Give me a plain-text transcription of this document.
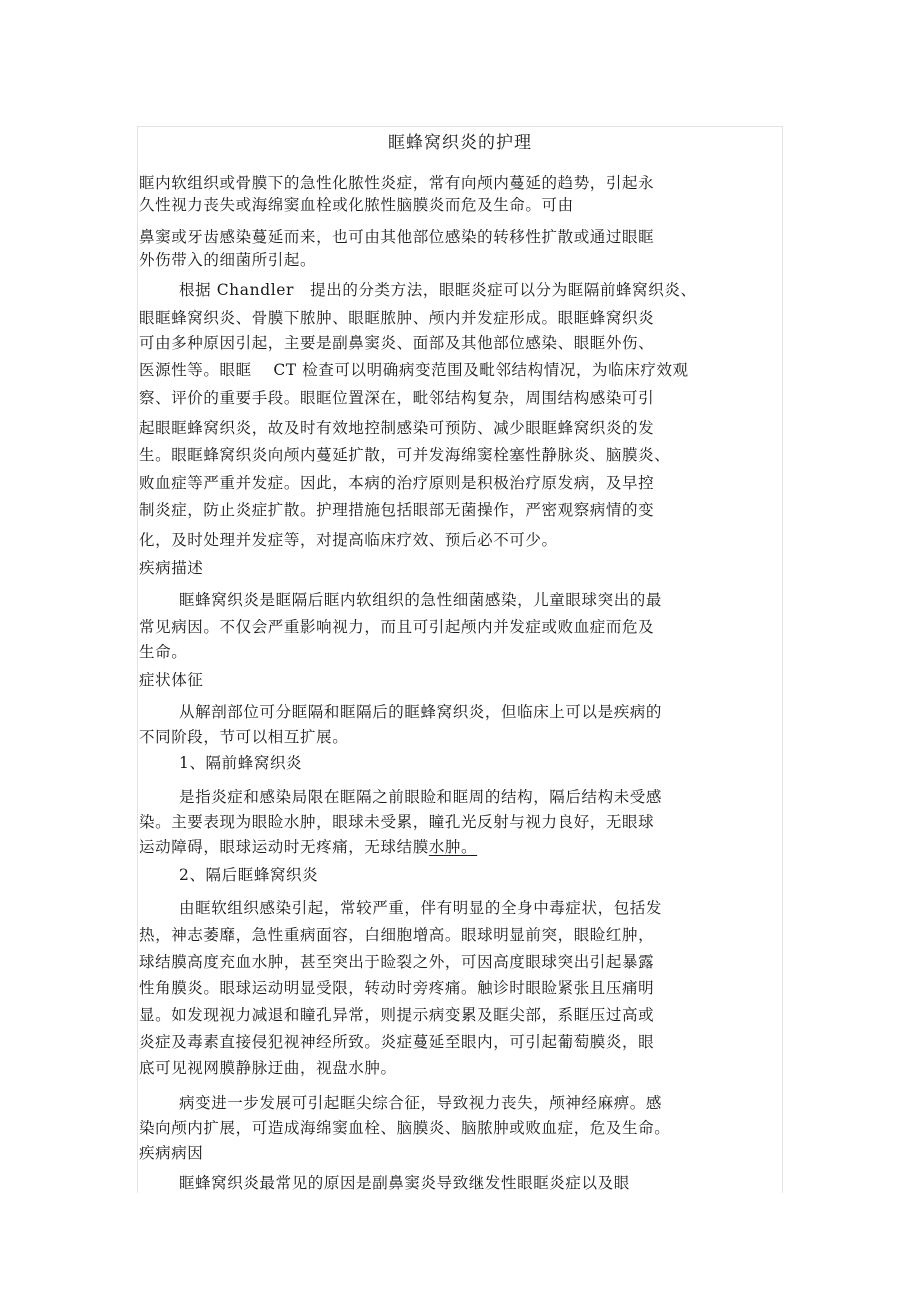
眶蜂窝织炎的护理
眶内软组织或骨膜下的急性化脓性炎症，常有向颅内蔓延的趋势，引起永
久性视力丧失或海绵窦血栓或化脓性脑膜炎而危及生命。可由
鼻窦或牙齿感染蔓延而来，也可由其他部位感染的转移性扩散或通过眼眶
外伤带入的细菌所引起。
根据 Chandler　提出的分类方法，眼眶炎症可以分为眶隔前蜂窝织炎、
眼眶蜂窝织炎、骨膜下脓肿、眼眶脓肿、颅内并发症形成。眼眶蜂窝织炎
可由多种原因引起，主要是副鼻窦炎、面部及其他部位感染、眼眶外伤、
医源性等。眼眶　 CT 检查可以明确病变范围及毗邻结构情况，为临床疗效观
察、评价的重要手段。眼眶位置深在，毗邻结构复杂，周围结构感染可引
起眼眶蜂窝织炎，故及时有效地控制感染可预防、减少眼眶蜂窝织炎的发
生。眼眶蜂窝织炎向颅内蔓延扩散，可并发海绵窦栓塞性静脉炎、脑膜炎、
败血症等严重并发症。因此，本病的治疗原则是积极治疗原发病，及早控
制炎症，防止炎症扩散。护理措施包括眼部无菌操作，严密观察病情的变
化，及时处理并发症等，对提高临床疗效、预后必不可少。
疾病描述
眶蜂窝织炎是眶隔后眶内软组织的急性细菌感染，儿童眼球突出的最
常见病因。不仅会严重影响视力，而且可引起颅内并发症或败血症而危及
生命。
症状体征
从解剖部位可分眶隔和眶隔后的眶蜂窝织炎，但临床上可以是疾病的
不同阶段，节可以相互扩展。
1、隔前蜂窝织炎
是指炎症和感染局限在眶隔之前眼睑和眶周的结构，隔后结构未受感
染。主要表现为眼睑水肿，眼球未受累，瞳孔光反射与视力良好，无眼球
运动障碍，眼球运动时无疼痛，无球结膜水肿。
2、隔后眶蜂窝织炎
由眶软组织感染引起，常较严重，伴有明显的全身中毒症状，包括发
热，神志萎靡，急性重病面容，白细胞增高。眼球明显前突，眼睑红肿，
球结膜高度充血水肿，甚至突出于睑裂之外，可因高度眼球突出引起暴露
性角膜炎。眼球运动明显受限，转动时旁疼痛。触诊时眼睑紧张且压痛明
显。如发现视力减退和瞳孔异常，则提示病变累及眶尖部，系眶压过高或
炎症及毒素直接侵犯视神经所致。炎症蔓延至眼内，可引起葡萄膜炎，眼
底可见视网膜静脉迂曲，视盘水肿。
病变进一步发展可引起眶尖综合征，导致视力丧失，颅神经麻痹。感
染向颅内扩展，可造成海绵窦血栓、脑膜炎、脑脓肿或败血症，危及生命。
疾病病因
眶蜂窝织炎最常见的原因是副鼻窦炎导致继发性眼眶炎症以及眼
